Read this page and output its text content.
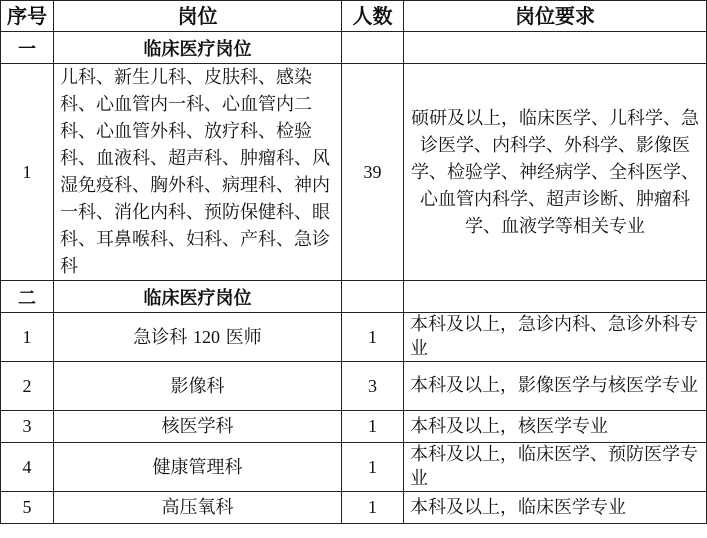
序号	岗位	人数	岗位要求
一	临床医疗岗位		
1	儿科、新生儿科、皮肤科、感染科、心血管内一科、心血管内二科、心血管外科、放疗科、检验科、血液科、超声科、肿瘤科、风湿免疫科、胸外科、病理科、神内一科、消化内科、预防保健科、眼科、耳鼻喉科、妇科、产科、急诊科	39	硕研及以上，临床医学、儿科学、急诊医学、内科学、外科学、影像医学、检验学、神经病学、全科医学、心血管内科学、超声诊断、肿瘤科学、血液学等相关专业
二	临床医疗岗位		
1	急诊科 120 医师	1	本科及以上，急诊内科、急诊外科专业
2	影像科	3	本科及以上，影像医学与核医学专业
3	核医学科	1	本科及以上，核医学专业
4	健康管理科	1	本科及以上，临床医学、预防医学专业
5	高压氧科	1	本科及以上，临床医学专业
